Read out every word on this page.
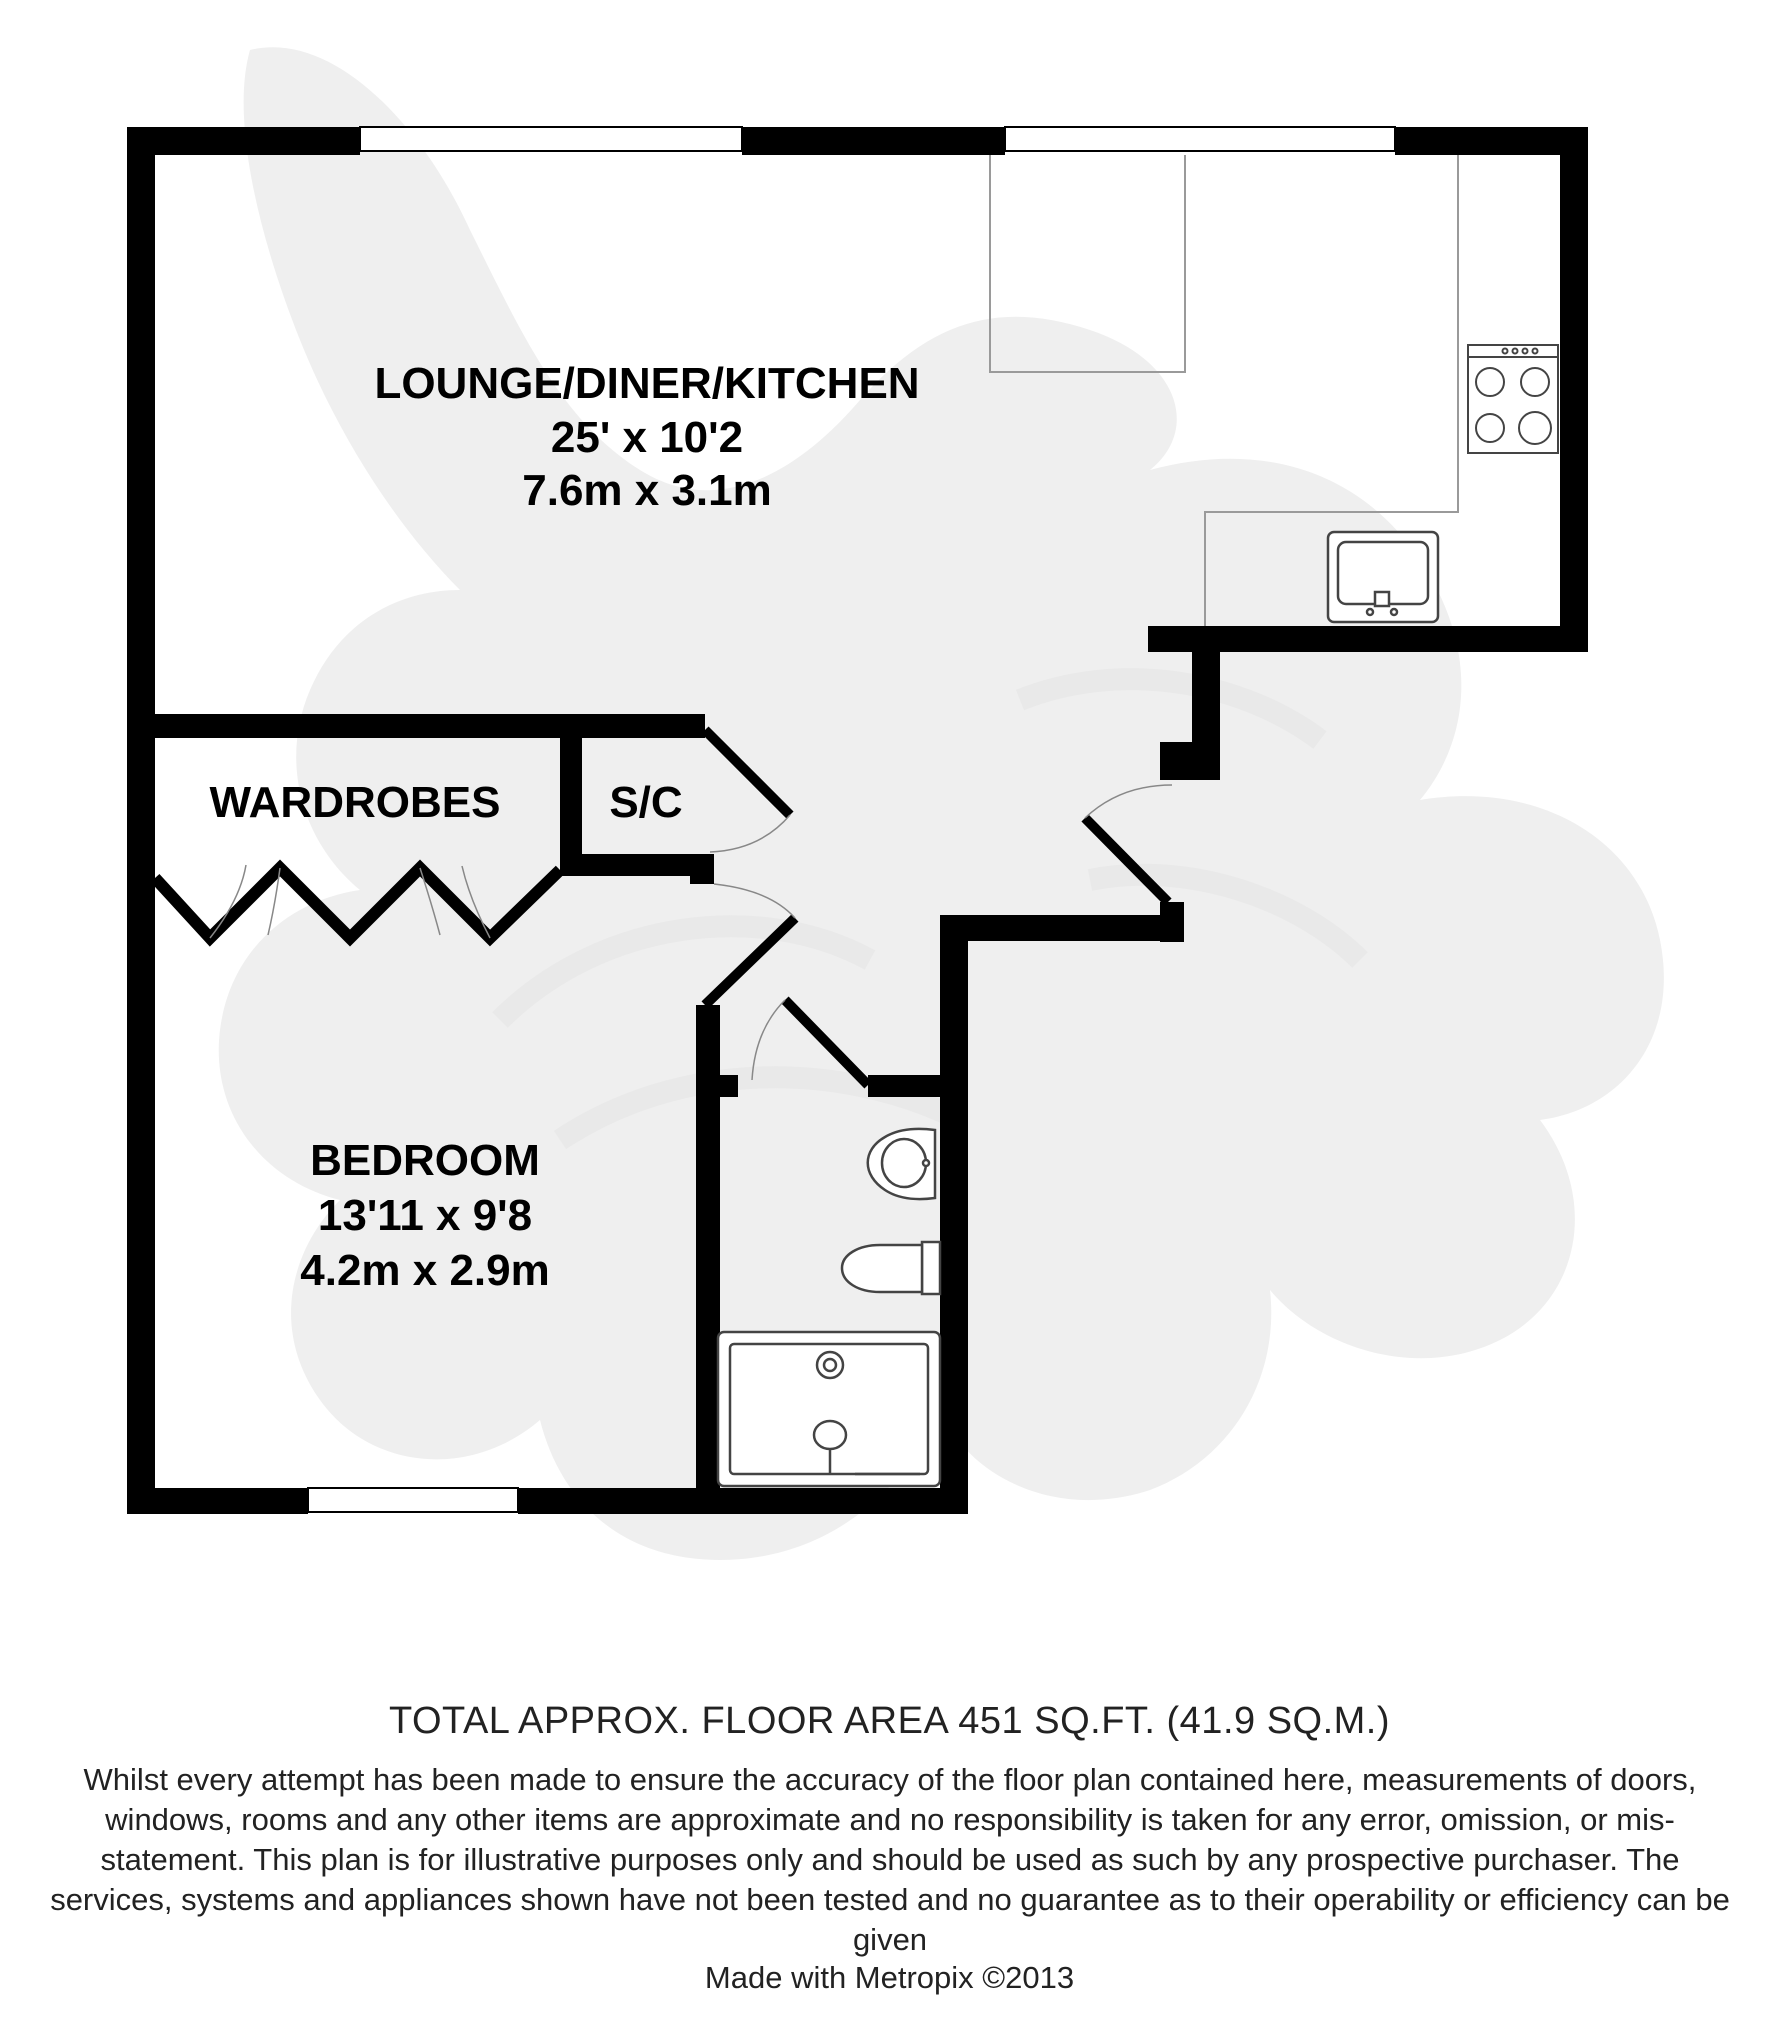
LOUNGE/DINER/KITCHEN
25' x 10'2
7.6m x 3.1m
WARDROBES S/C
BEDROOM
13'11 x 9'8
4.2m x 2.9m
TOTAL APPROX. FLOOR AREA 451 SQ.FT. (41.9 SQ.M.)
Whilst every attempt has been made to ensure the accuracy of the floor plan contained here, measurements of doors, windows, rooms and any other items are approximate and no responsibility is taken for any error, omission, or mis-statement. This plan is for illustrative purposes only and should be used as such by any prospective purchaser. The services, systems and appliances shown have not been tested and no guarantee as to their operability or efficiency can be given
Made with Metropix ©2013
